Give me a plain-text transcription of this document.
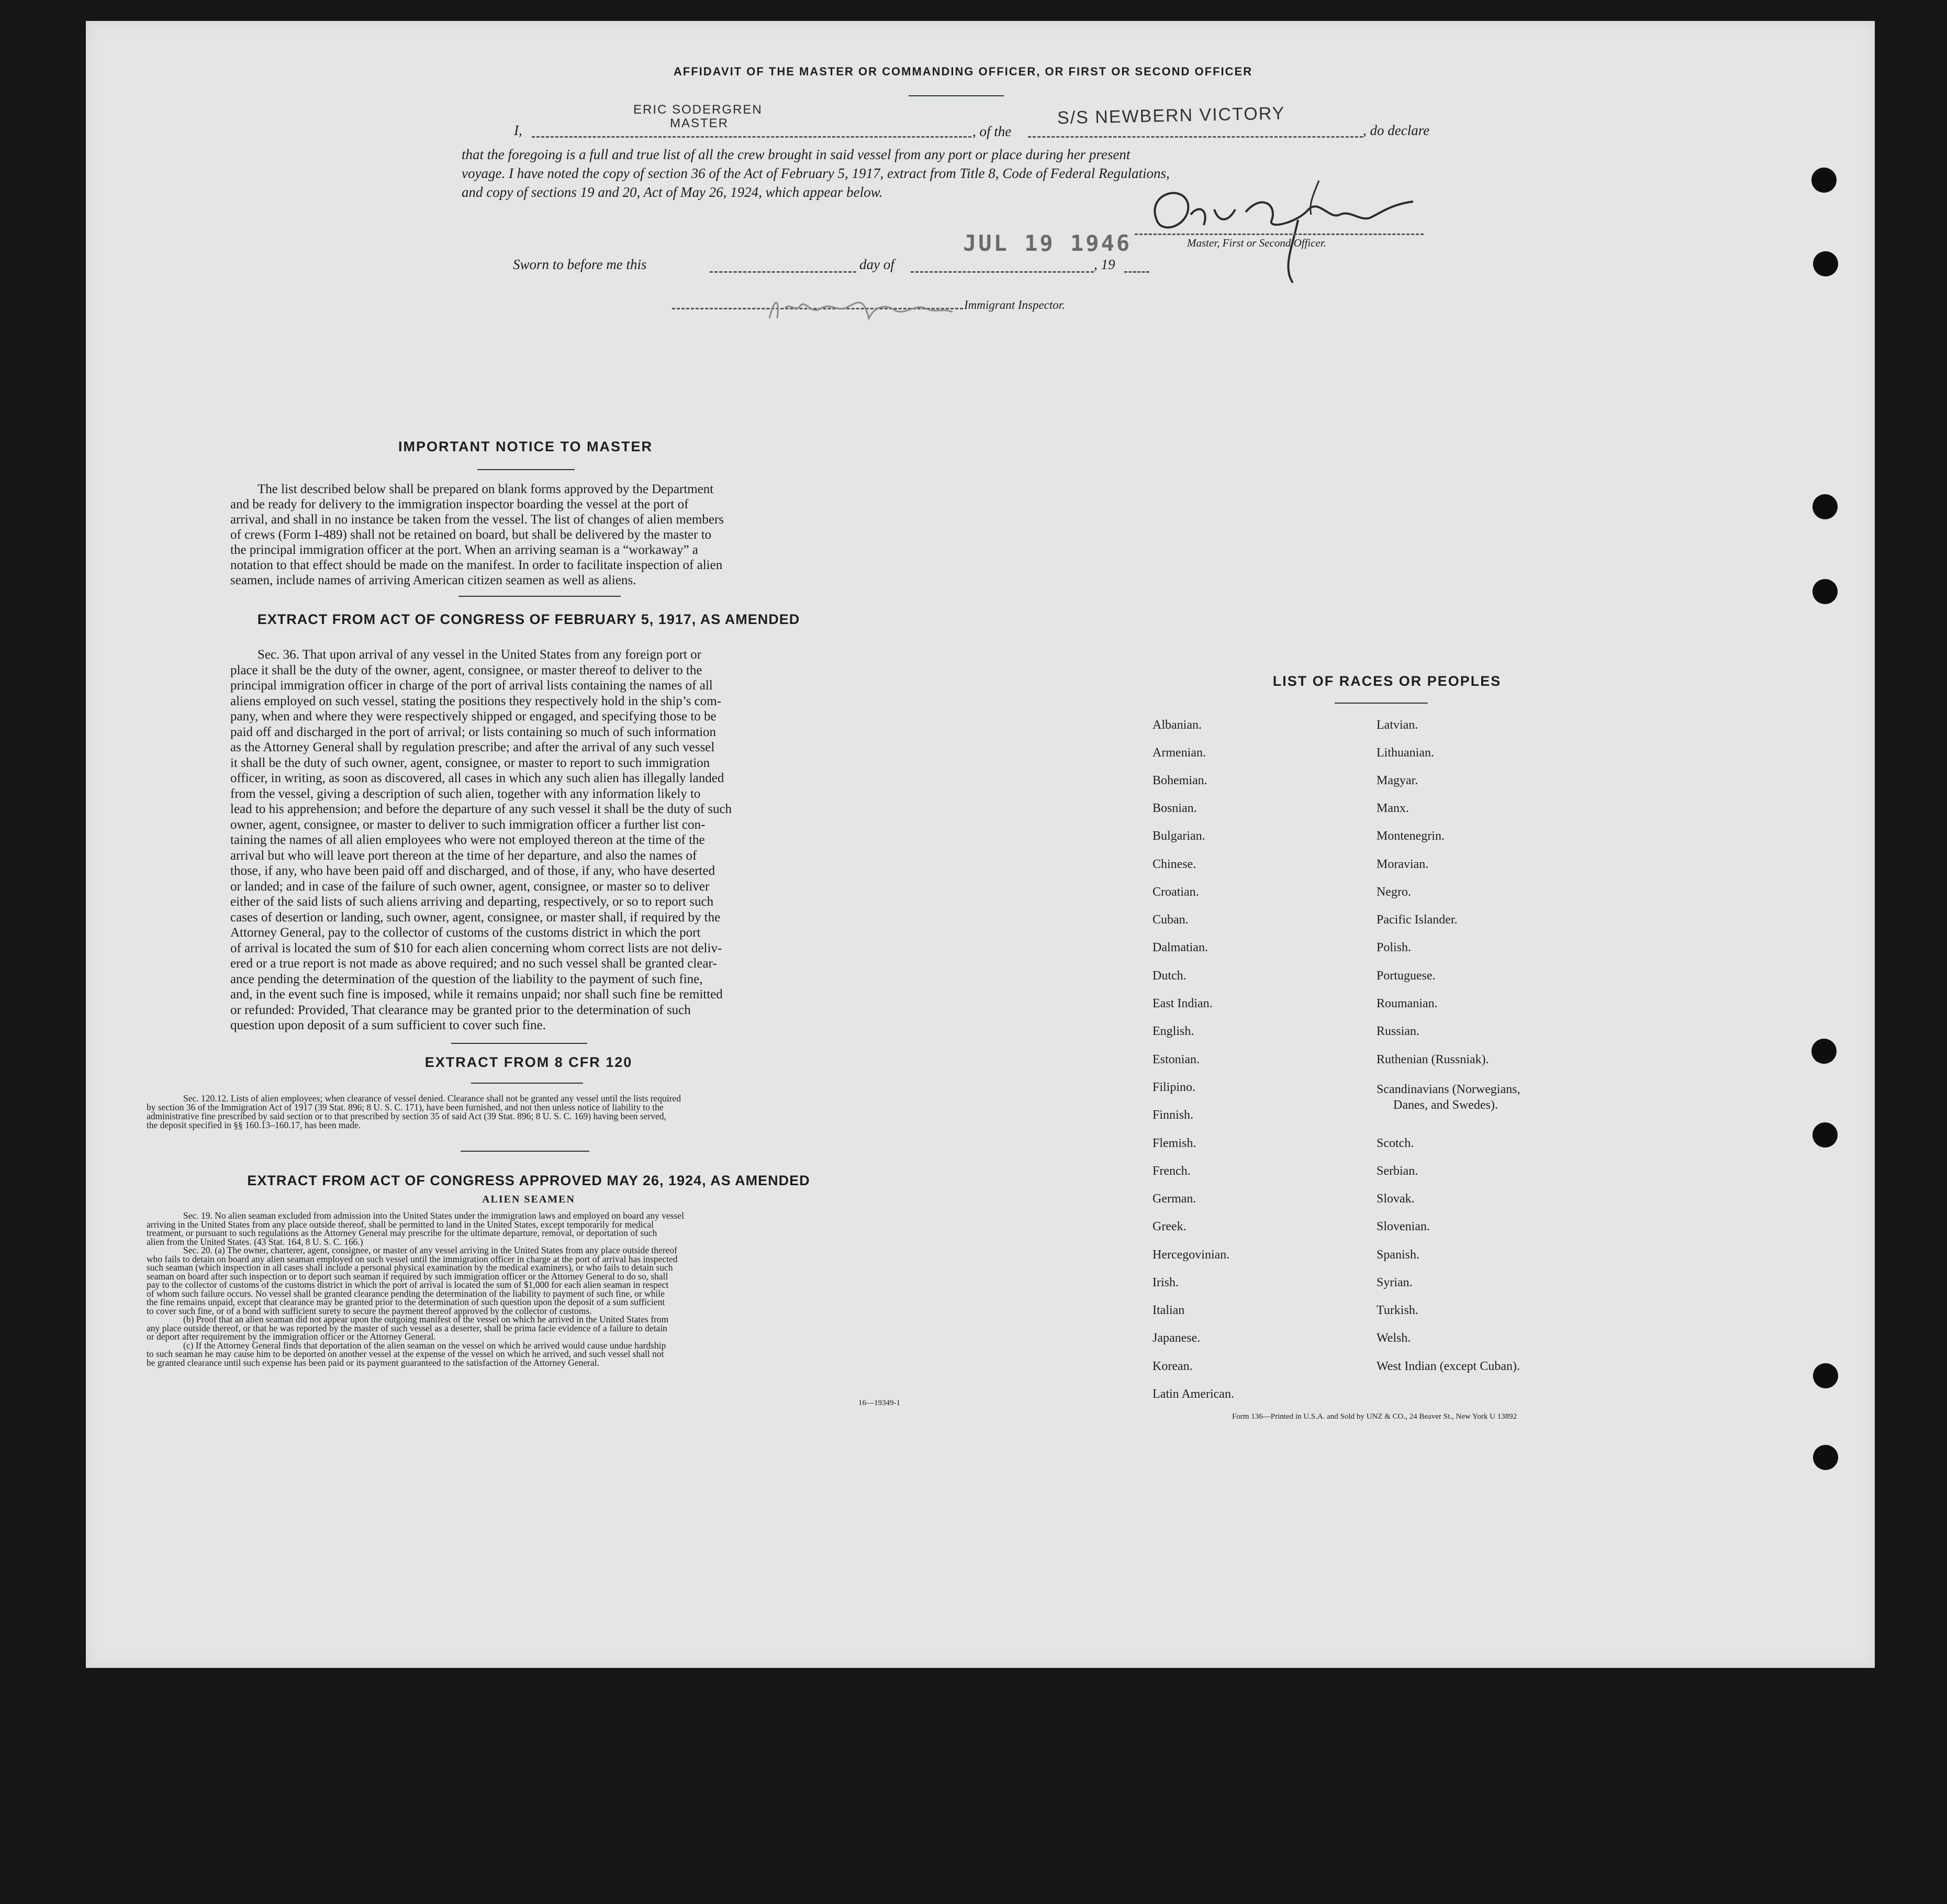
AFFIDAVIT OF THE MASTER OR COMMANDING OFFICER, OR FIRST OR SECOND OFFICER
I,
ERIC SODERGREN
MASTER
, of the
S/S NEWBERN VICTORY
, do declare
that the foregoing is a full and true list of all the crew brought in said vessel from any port or place during her present
voyage. I have noted the copy of section 36 of the Act of February 5, 1917, extract from Title 8, Code of Federal Regulations,
and copy of sections 19 and 20, Act of May 26, 1924, which appear below.
JUL 19 1946	Master, First or Second Officer.
Sworn to before me this	day of	, 19
Immigrant Inspector.
IMPORTANT NOTICE TO MASTER
The list described below shall be prepared on blank forms approved by the Department
and be ready for delivery to the immigration inspector boarding the vessel at the port of
arrival, and shall in no instance be taken from the vessel. The list of changes of alien members
of crews (Form I-489) shall not be retained on board, but shall be delivered by the master to
the principal immigration officer at the port. When an arriving seaman is a “workaway” a
notation to that effect should be made on the manifest. In order to facilitate inspection of alien
seamen, include names of arriving American citizen seamen as well as aliens.
EXTRACT FROM ACT OF CONGRESS OF FEBRUARY 5, 1917, AS AMENDED
Sec. 36. That upon arrival of any vessel in the United States from any foreign port or
place it shall be the duty of the owner, agent, consignee, or master thereof to deliver to the
principal immigration officer in charge of the port of arrival lists containing the names of all
aliens employed on such vessel, stating the positions they respectively hold in the ship’s com-
pany, when and where they were respectively shipped or engaged, and specifying those to be
paid off and discharged in the port of arrival; or lists containing so much of such information
as the Attorney General shall by regulation prescribe; and after the arrival of any such vessel
it shall be the duty of such owner, agent, consignee, or master to report to such immigration
officer, in writing, as soon as discovered, all cases in which any such alien has illegally landed
from the vessel, giving a description of such alien, together with any information likely to
lead to his apprehension; and before the departure of any such vessel it shall be the duty of such
owner, agent, consignee, or master to deliver to such immigration officer a further list con-
taining the names of all alien employees who were not employed thereon at the time of the
arrival but who will leave port thereon at the time of her departure, and also the names of
those, if any, who have been paid off and discharged, and of those, if any, who have deserted
or landed; and in case of the failure of such owner, agent, consignee, or master so to deliver
either of the said lists of such aliens arriving and departing, respectively, or so to report such
cases of desertion or landing, such owner, agent, consignee, or master shall, if required by the
Attorney General, pay to the collector of customs of the customs district in which the port
of arrival is located the sum of $10 for each alien concerning whom correct lists are not deliv-
ered or a true report is not made as above required; and no such vessel shall be granted clear-
ance pending the determination of the question of the liability to the payment of such fine,
and, in the event such fine is imposed, while it remains unpaid; nor shall such fine be remitted
or refunded: Provided, That clearance may be granted prior to the determination of such
question upon deposit of a sum sufficient to cover such fine.
EXTRACT FROM 8 CFR 120
Sec. 120.12. Lists of alien employees; when clearance of vessel denied. Clearance shall not be granted any vessel until the lists required
by section 36 of the Immigration Act of 1917 (39 Stat. 896; 8 U. S. C. 171), have been furnished, and not then unless notice of liability to the
administrative fine prescribed by said section or to that prescribed by section 35 of said Act (39 Stat. 896; 8 U. S. C. 169) having been served,
the deposit specified in §§ 160.13–160.17, has been made.
EXTRACT FROM ACT OF CONGRESS APPROVED MAY 26, 1924, AS AMENDED
ALIEN SEAMEN
Sec. 19. No alien seaman excluded from admission into the United States under the immigration laws and employed on board any vessel
arriving in the United States from any place outside thereof, shall be permitted to land in the United States, except temporarily for medical
treatment, or pursuant to such regulations as the Attorney General may prescribe for the ultimate departure, removal, or deportation of such
alien from the United States. (43 Stat. 164, 8 U. S. C. 166.)
Sec. 20. (a) The owner, charterer, agent, consignee, or master of any vessel arriving in the United States from any place outside thereof
who fails to detain on board any alien seaman employed on such vessel until the immigration officer in charge at the port of arrival has inspected
such seaman (which inspection in all cases shall include a personal physical examination by the medical examiners), or who fails to detain such
seaman on board after such inspection or to deport such seaman if required by such immigration officer or the Attorney General to do so, shall
pay to the collector of customs of the customs district in which the port of arrival is located the sum of $1,000 for each alien seaman in respect
of whom such failure occurs. No vessel shall be granted clearance pending the determination of the liability to payment of such fine, or while
the fine remains unpaid, except that clearance may be granted prior to the determination of such question upon the deposit of a sum sufficient
to cover such fine, or of a bond with sufficient surety to secure the payment thereof approved by the collector of customs.
(b) Proof that an alien seaman did not appear upon the outgoing manifest of the vessel on which he arrived in the United States from
any place outside thereof, or that he was reported by the master of such vessel as a deserter, shall be prima facie evidence of a failure to detain
or deport after requirement by the immigration officer or the Attorney General.
(c) If the Attorney General finds that deportation of the alien seaman on the vessel on which he arrived would cause undue hardship
to such seaman he may cause him to be deported on another vessel at the expense of the vessel on which he arrived, and such vessel shall not
be granted clearance until such expense has been paid or its payment guaranteed to the satisfaction of the Attorney General.
16—19349-1
LIST OF RACES OR PEOPLES
Form 136—Printed in U.S.A. and Sold by UNZ & CO., 24 Beaver St., New York U 13892
Albanian.
Armenian.
Bohemian.
Bosnian.
Bulgarian.
Chinese.
Croatian.
Cuban.
Dalmatian.
Dutch.
East Indian.
English.
Estonian.
Filipino.
Finnish.
Flemish.
French.
German.
Greek.
Hercegovinian.
Irish.
Italian
Japanese.
Korean.
Latin American.
Latvian.
Lithuanian.
Magyar.
Manx.
Montenegrin.
Moravian.
Negro.
Pacific Islander.
Polish.
Portuguese.
Roumanian.
Russian.
Ruthenian (Russniak).
Scandinavians (Norwegians,
Danes, and Swedes).
Scotch.
Serbian.
Slovak.
Slovenian.
Spanish.
Syrian.
Turkish.
Welsh.
West Indian (except Cuban).
